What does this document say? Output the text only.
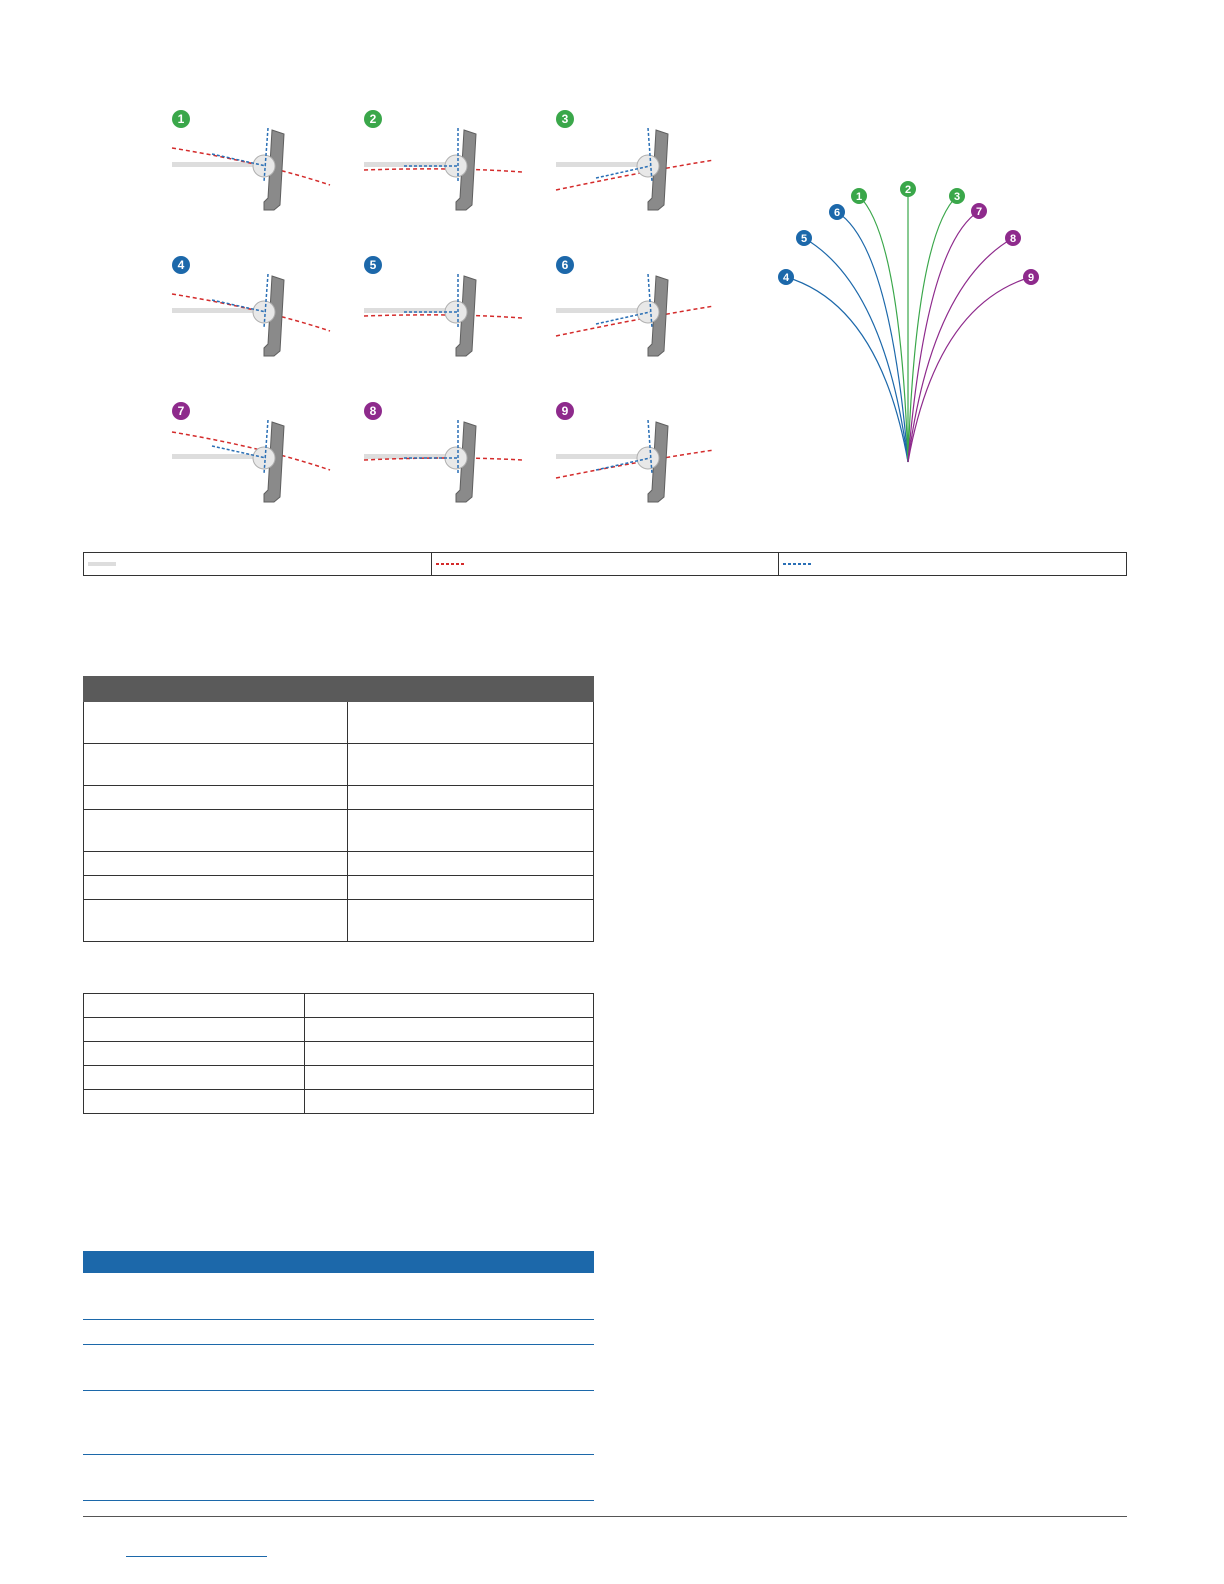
1	2	3
4	5	6
7	8	9
4
5
6
1
2
3
7
8
9
